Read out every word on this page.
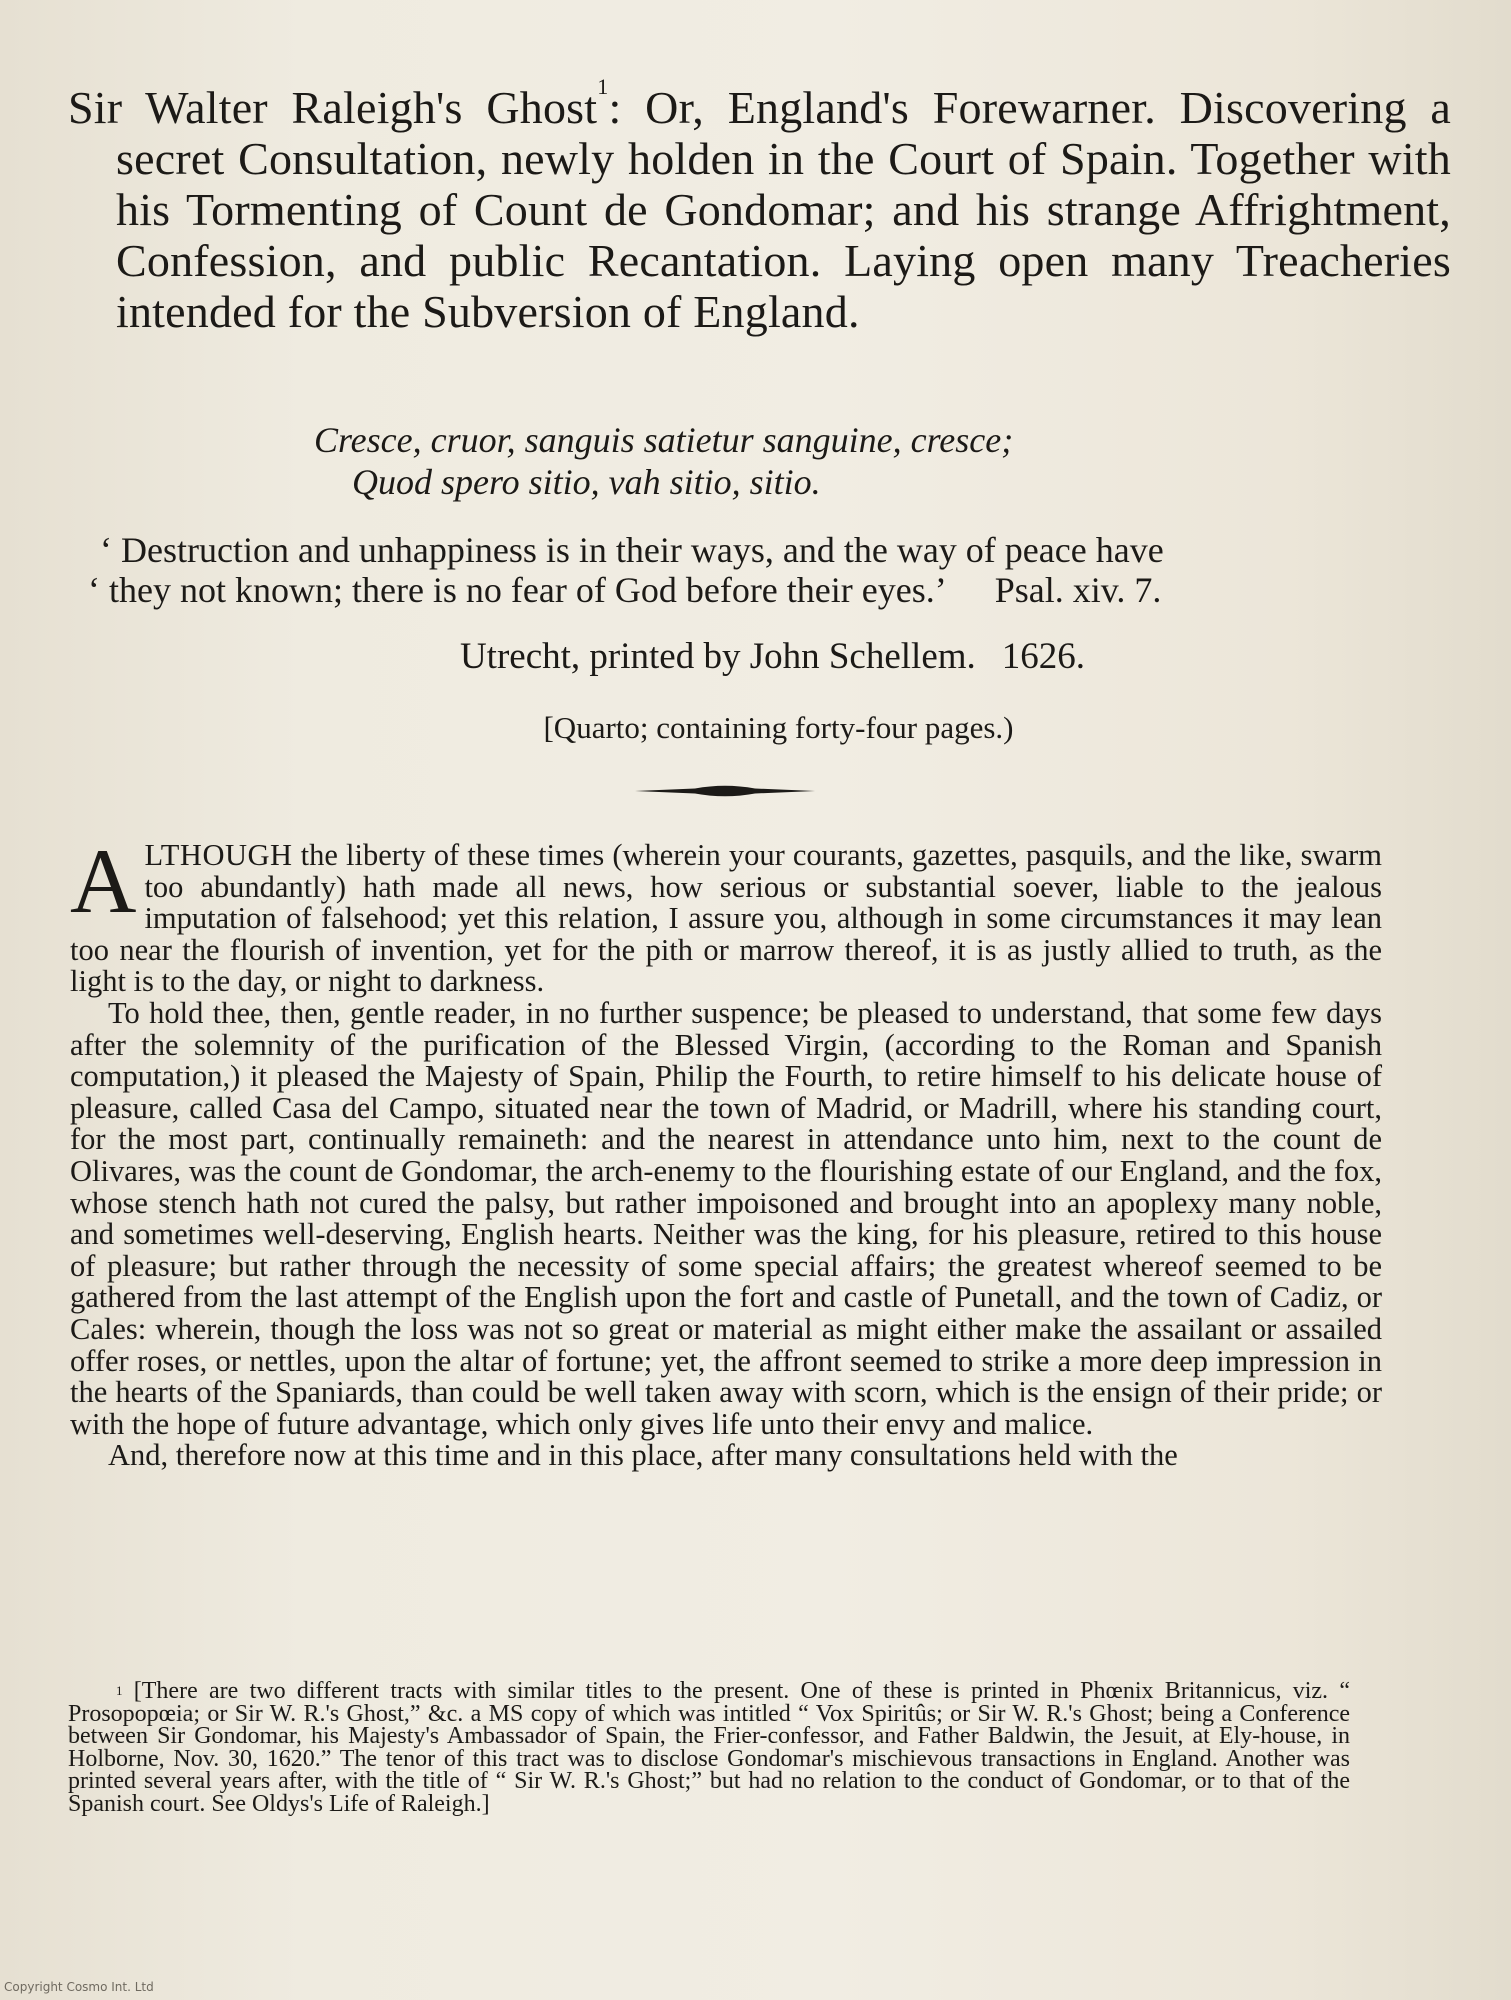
Sir Walter Raleigh's Ghost$^1$: Or, England's Forewarner. Discovering a secret Consultation, newly holden in the Court of Spain. Together with his Tormenting of Count de Gondomar; and his strange Affrightment, Confession, and public Recantation. Laying open many Treacheries intended for the Subversion of England.
Cresce, cruor, sanguis satietur sanguine, cresce;
Quod spero sitio, vah sitio, sitio.
‘ Destruction and unhappiness is in their ways, and the way of peace have
‘ they not known; there is no fear of God before their eyes.’ Psal. xiv. 7.
Utrecht, printed by John Schellem. 1626.
[Quarto; containing forty-four pages.)

ALTHOUGH the liberty of these times (wherein your courants, gazettes, pasquils, and the like, swarm too abundantly) hath made all news, how serious or substantial soever, liable to the jealous imputation of falsehood; yet this relation, I assure you, although in some circumstances it may lean too near the flourish of invention, yet for the pith or marrow thereof, it is as justly allied to truth, as the light is to the day, or night to darkness.

To hold thee, then, gentle reader, in no further suspence; be pleased to understand, that some few days after the solemnity of the purification of the Blessed Virgin, (according to the Roman and Spanish computation,) it pleased the Majesty of Spain, Philip the Fourth, to retire himself to his delicate house of pleasure, called Casa del Campo, situated near the town of Madrid, or Madrill, where his standing court, for the most part, continually remaineth: and the nearest in attendance unto him, next to the count de Olivares, was the count de Gondomar, the arch-enemy to the flourishing estate of our England, and the fox, whose stench hath not cured the palsy, but rather impoisoned and brought into an apoplexy many noble, and sometimes well-deserving, English hearts. Neither was the king, for his pleasure, retired to this house of pleasure; but rather through the necessity of some special affairs; the greatest whereof seemed to be gathered from the last attempt of the English upon the fort and castle of Punetall, and the town of Cadiz, or Cales: wherein, though the loss was not so great or material as might either make the assailant or assailed offer roses, or nettles, upon the altar of fortune; yet, the affront seemed to strike a more deep impression in the hearts of the Spaniards, than could be well taken away with scorn, which is the ensign of their pride; or with the hope of future advantage, which only gives life unto their envy and malice.

And, therefore now at this time and in this place, after many consultations held with the

$^1$ [There are two different tracts with similar titles to the present. One of these is printed in Phœnix Britannicus, viz. “ Prosopopœia; or Sir W. R.'s Ghost,” &c. a MS copy of which was intitled “ Vox Spiritûs; or Sir W. R.'s Ghost; being a Conference between Sir Gondomar, his Majesty's Ambassador of Spain, the Frier-confessor, and Father Baldwin, the Jesuit, at Ely-house, in Holborne, Nov. 30, 1620.” The tenor of this tract was to disclose Gondomar's mischievous transactions in England. Another was printed several years after, with the title of “ Sir W. R.'s Ghost;” but had no relation to the conduct of Gondomar, or to that of the Spanish court. See Oldys's Life of Raleigh.]

Copyright Cosmo Int. Ltd
